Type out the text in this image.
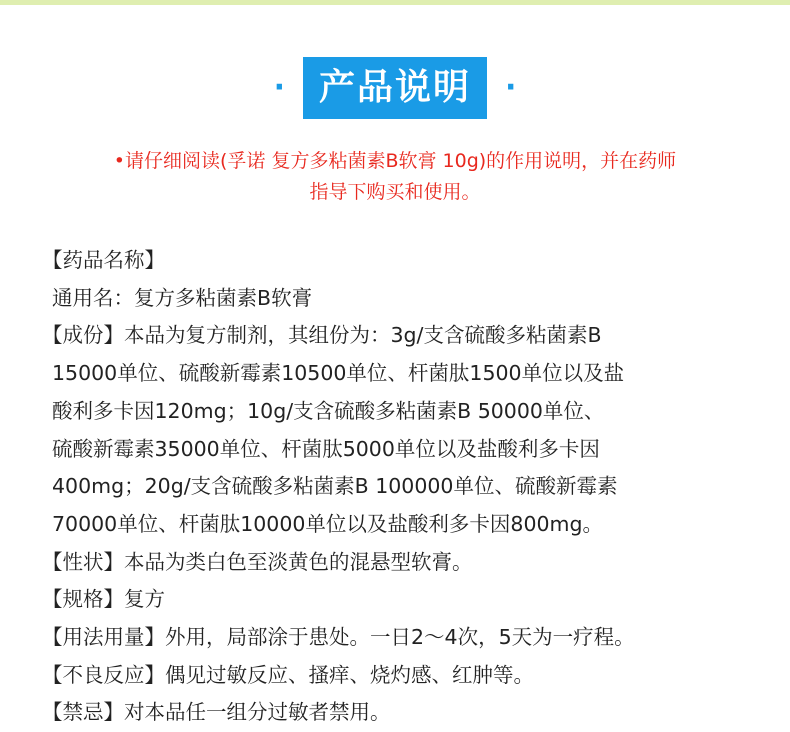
· 产品说明	·
•请仔细阅读(孚诺 复方多粘菌素B软膏 10g)的作用说明，并在药师
指导下购买和使用。
【药品名称】
通用名：复方多粘菌素B软膏
【成份】本品为复方制剂，其组份为：3g/支含硫酸多粘菌素B
15000单位、硫酸新霉素10500单位、杆菌肽1500单位以及盐
酸利多卡因120mg；10g/支含硫酸多粘菌素B 50000单位、
硫酸新霉素35000单位、杆菌肽5000单位以及盐酸利多卡因
400mg；20g/支含硫酸多粘菌素B 100000单位、硫酸新霉素
70000单位、杆菌肽10000单位以及盐酸利多卡因800mg。
【性状】本品为类白色至淡黄色的混悬型软膏。
【规格】复方
【用法用量】外用，局部涂于患处。一日2～4次，5天为一疗程。
【不良反应】偶见过敏反应、搔痒、烧灼感、红肿等。
【禁忌】对本品任一组分过敏者禁用。
